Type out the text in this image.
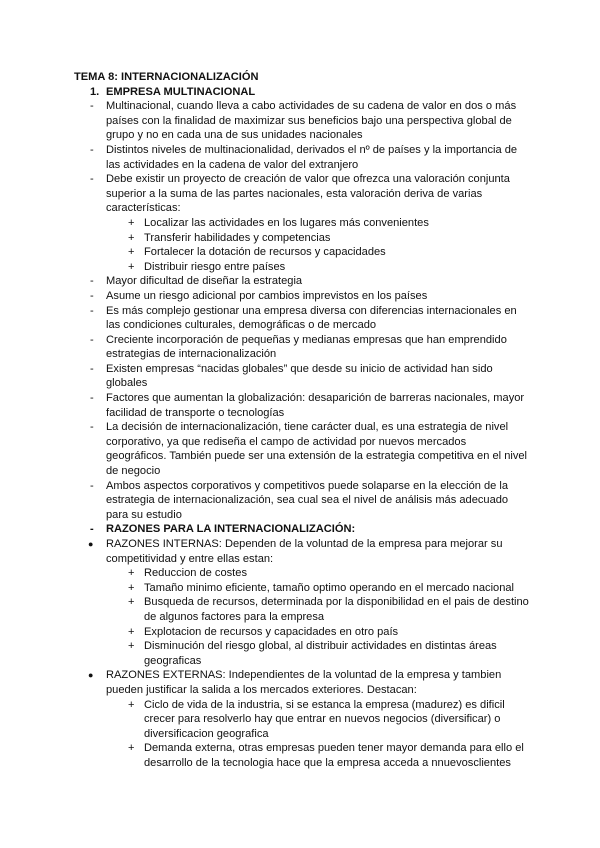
TEMA 8: INTERNACIONALIZACIÓN
1. EMPRESA MULTINACIONAL
- Multinacional, cuando lleva a cabo actividades de su cadena de valor en dos o más países con la finalidad de maximizar sus beneficios bajo una perspectiva global de grupo y no en cada una de sus unidades nacionales
- Distintos niveles de multinacionalidad, derivados el nº de países y la importancia de las actividades en la cadena de valor del extranjero
- Debe existir un proyecto de creación de valor que ofrezca una valoración conjunta superior a la suma de las partes nacionales, esta valoración deriva de varias características:
+ Localizar las actividades en los lugares más convenientes
+ Transferir habilidades y competencias
+ Fortalecer la dotación de recursos y capacidades
+ Distribuir riesgo entre países
- Mayor dificultad de diseñar la estrategia
- Asume un riesgo adicional por cambios imprevistos en los países
- Es más complejo gestionar una empresa diversa con diferencias internacionales en las condiciones culturales, demográficas o de mercado
- Creciente incorporación de pequeñas y medianas empresas que han emprendido estrategias de internacionalización
- Existen empresas “nacidas globales” que desde su inicio de actividad han sido globales
- Factores que aumentan la globalización: desaparición de barreras nacionales, mayor facilidad de transporte o tecnologías
- La decisión de internacionalización, tiene carácter dual, es una estrategia de nivel corporativo, ya que rediseña el campo de actividad por nuevos mercados geográficos. También puede ser una extensión de la estrategia competitiva en el nivel de negocio
- Ambos aspectos corporativos y competitivos puede solaparse en la elección de la estrategia de internacionalización, sea cual sea el nivel de análisis más adecuado para su estudio
- RAZONES PARA LA INTERNACIONALIZACIÓN:
● RAZONES INTERNAS: Dependen de la voluntad de la empresa para mejorar su competitividad y entre ellas estan:
+ Reduccion de costes
+ Tamaño minimo eficiente, tamaño optimo operando en el mercado nacional
+ Busqueda de recursos, determinada por la disponibilidad en el pais de destino de algunos factores para la empresa
+ Explotacion de recursos y capacidades en otro país
+ Disminución del riesgo global, al distribuir actividades en distintas áreas geograficas
● RAZONES EXTERNAS: Independientes de la voluntad de la empresa y tambien pueden justificar la salida a los mercados exteriores. Destacan:
+ Ciclo de vida de la industria, si se estanca la empresa (madurez) es dificil crecer para resolverlo hay que entrar en nuevos negocios (diversificar) o diversificacion geografica
+ Demanda externa, otras empresas pueden tener mayor demanda para ello el desarrollo de la tecnologia hace que la empresa acceda a nnuevosclientes
